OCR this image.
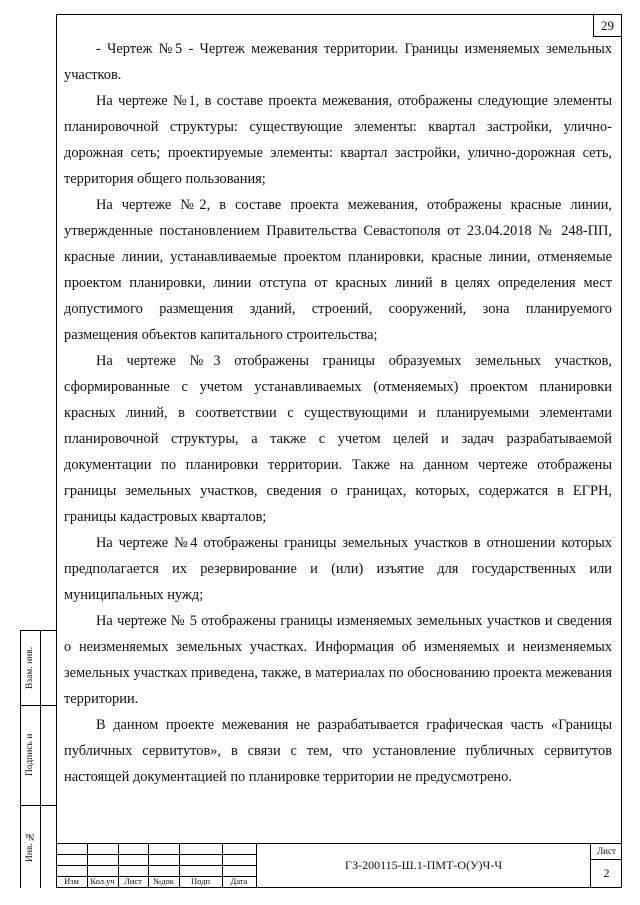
29

- Чертеж №5 - Чертеж межевания территории. Границы изменяемых земельных участков.

На чертеже №1, в составе проекта межевания, отображены следующие элементы планировочной структуры: существующие элементы: квартал застройки, улично-дорожная сеть; проектируемые элементы: квартал застройки, улично-дорожная сеть, территория общего пользования;

На чертеже №2, в составе проекта межевания, отображены красные линии, утвержденные постановлением Правительства Севастополя от 23.04.2018 № 248-ПП, красные линии, устанавливаемые проектом планировки, красные линии, отменяемые проектом планировки, линии отступа от красных линий в целях определения мест допустимого размещения зданий, строений, сооружений, зона планируемого размещения объектов капитального строительства;

На чертеже №3 отображены границы образуемых земельных участков, сформированные с учетом устанавливаемых (отменяемых) проектом планировки красных линий, в соответствии с существующими и планируемыми элементами планировочной структуры, а также с учетом целей и задач разрабатываемой документации по планировки территории. Также на данном чертеже отображены границы земельных участков, сведения о границах, которых, содержатся в ЕГРН, границы кадастровых кварталов;

На чертеже №4 отображены границы земельных участков в отношении которых предполагается их резервирование и (или) изъятие для государственных или муниципальных нужд;

На чертеже № 5 отображены границы изменяемых земельных участков и сведения о неизменяемых земельных участках. Информация об изменяемых и неизменяемых земельных участках приведена, также, в материалах по обоснованию проекта межевания территории.

В данном проекте межевания не разрабатывается графическая часть «Границы публичных сервитутов», в связи с тем, что установление публичных сервитутов настоящей документацией по планировке территории не предусмотрено.

Взам. инв.
Подпись и
Инв. №
Изм	Кол.уч	Лист	№док	Подп	Дата
ГЗ-200115-Ш.1-ПМТ-О(У)Ч-Ч
Лист
2
